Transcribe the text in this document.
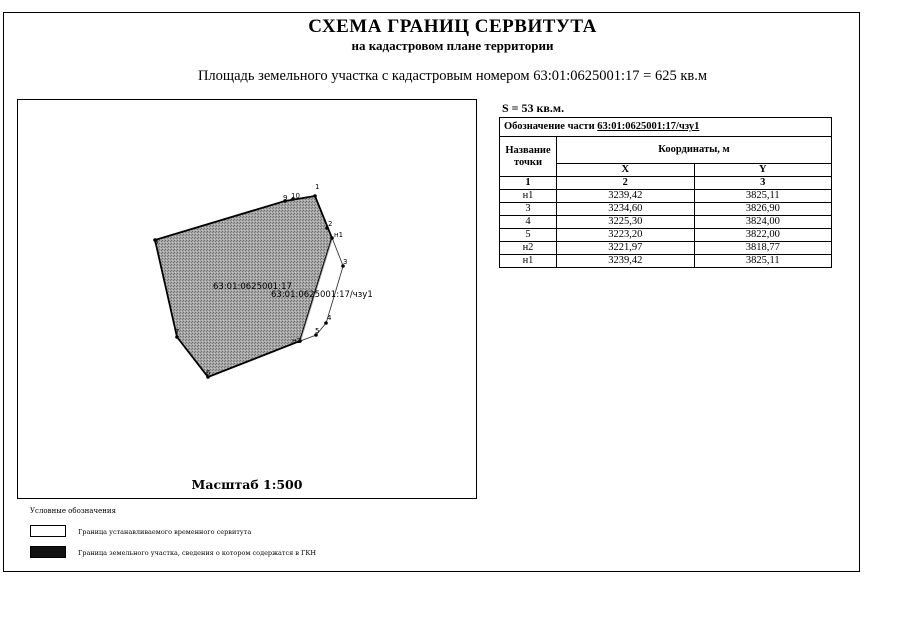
СХЕМА ГРАНИЦ СЕРВИТУТА
на кадастровом плане территории
Площадь земельного участка с кадастровым номером 63:01:0625001:17 = 625 кв.м
1
2
н1
3
4
5
н2
6
7
8
9 10
63:01:0625001:17
63:01:0625001:17/чзу1
Масштаб 1:500
S = 53 кв.м.
Обозначение части 63:01:0625001:17/чзу1		
Название точки	Координаты, м	
	X	Y
1	2	3
н1	3239,42	3825,11
3	3234,60	3826,90
4	3225,30	3824,00
5	3223,20	3822,00
н2	3221,97	3818,77
н1	3239,42	3825,11
Условные обозначения
Граница устанавливаемого временного сервитута
Граница земельного участка, сведения о котором содержатся в ГКН
